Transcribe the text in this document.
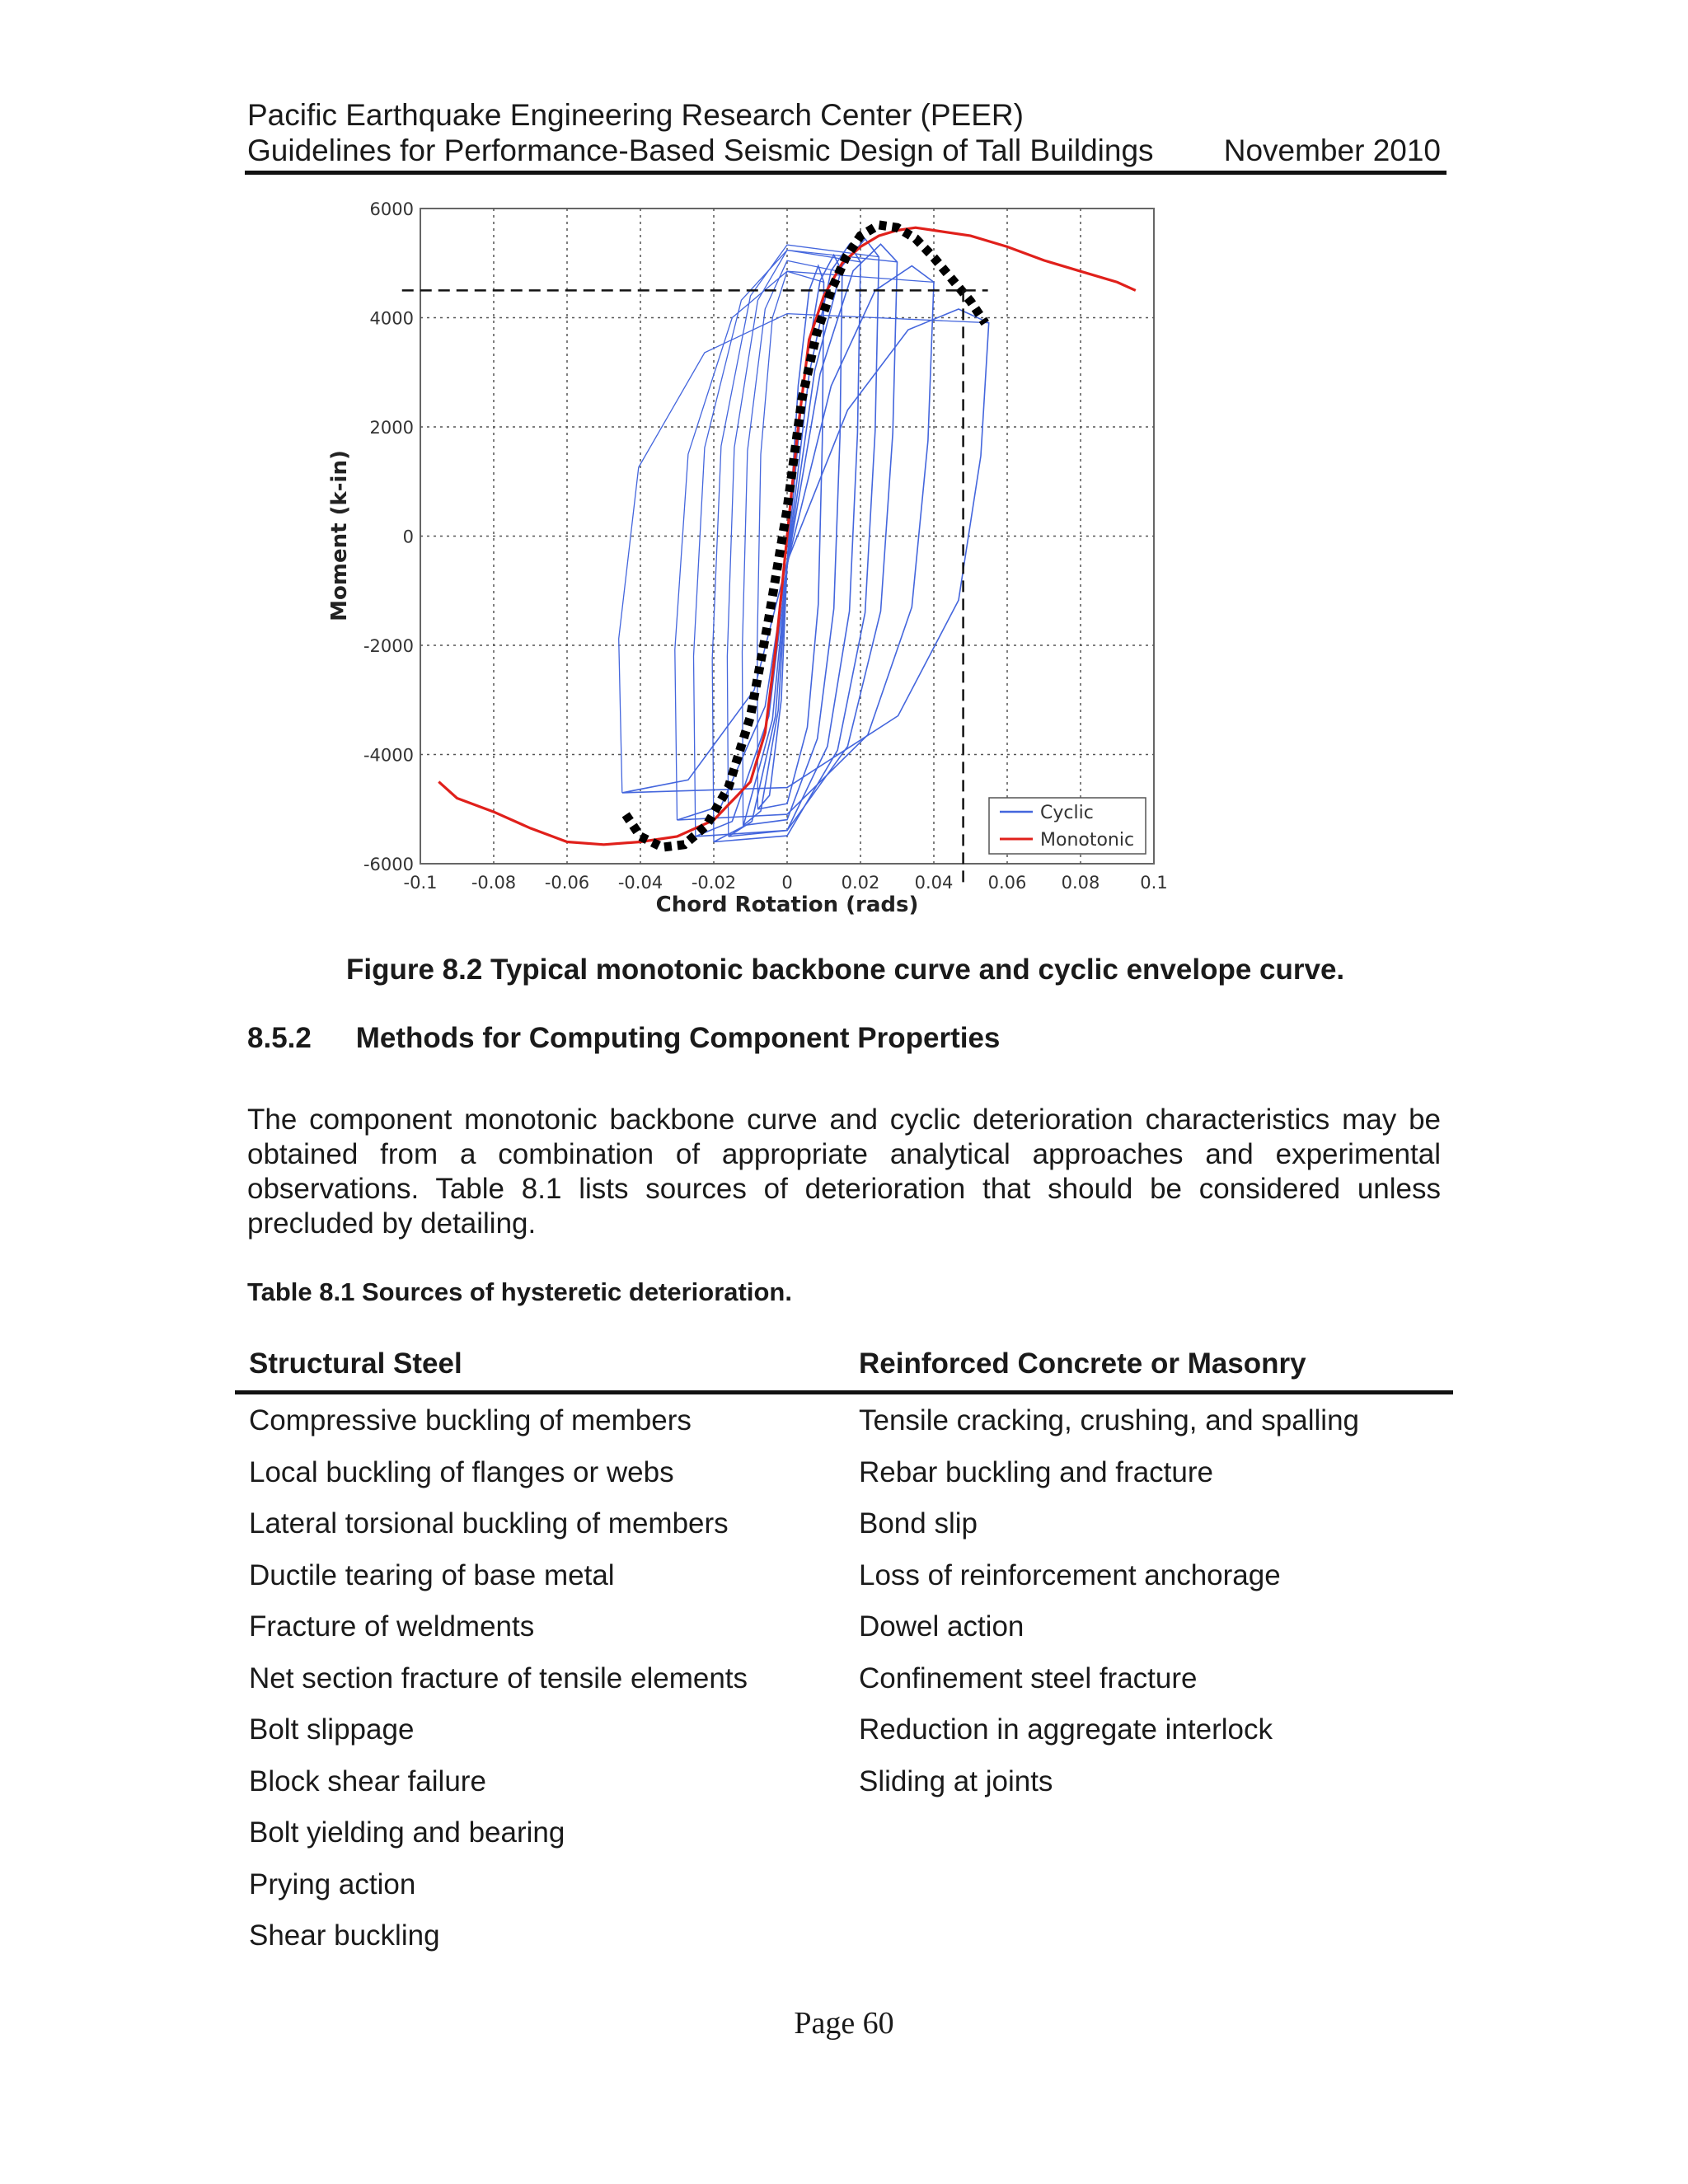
Pacific Earthquake Engineering Research Center (PEER)
Guidelines for Performance-Based Seismic Design of Tall Buildings November 2010
-0.1 -0.08 -0.06 -0.04 -0.02	0	0.02 0.04 0.06 0.08 0.1
6000
4000
2000
0
-2000
-4000
-6000
Chord Rotation (rads)
Moment (k-in)
Cyclic
Monotonic
Figure 8.2 Typical monotonic backbone curve and cyclic envelope curve.
8.5.2 Methods for Computing Component Properties
The component monotonic backbone curve and cyclic deterioration characteristics may be obtained from a combination of appropriate analytical approaches and experimental observations. Table 8.1 lists sources of deterioration that should be considered unless precluded by detailing.
Table 8.1 Sources of hysteretic deterioration.
Structural Steel	Reinforced Concrete or Masonry
Compressive buckling of members	Tensile cracking, crushing, and spalling
Local buckling of flanges or webs	Rebar buckling and fracture
Lateral torsional buckling of members	Bond slip
Ductile tearing of base metal	Loss of reinforcement anchorage
Fracture of weldments	Dowel action
Net section fracture of tensile elements	Confinement steel fracture
Bolt slippage	Reduction in aggregate interlock
Block shear failure	Sliding at joints
Bolt yielding and bearing
Prying action
Shear buckling
Page 60
